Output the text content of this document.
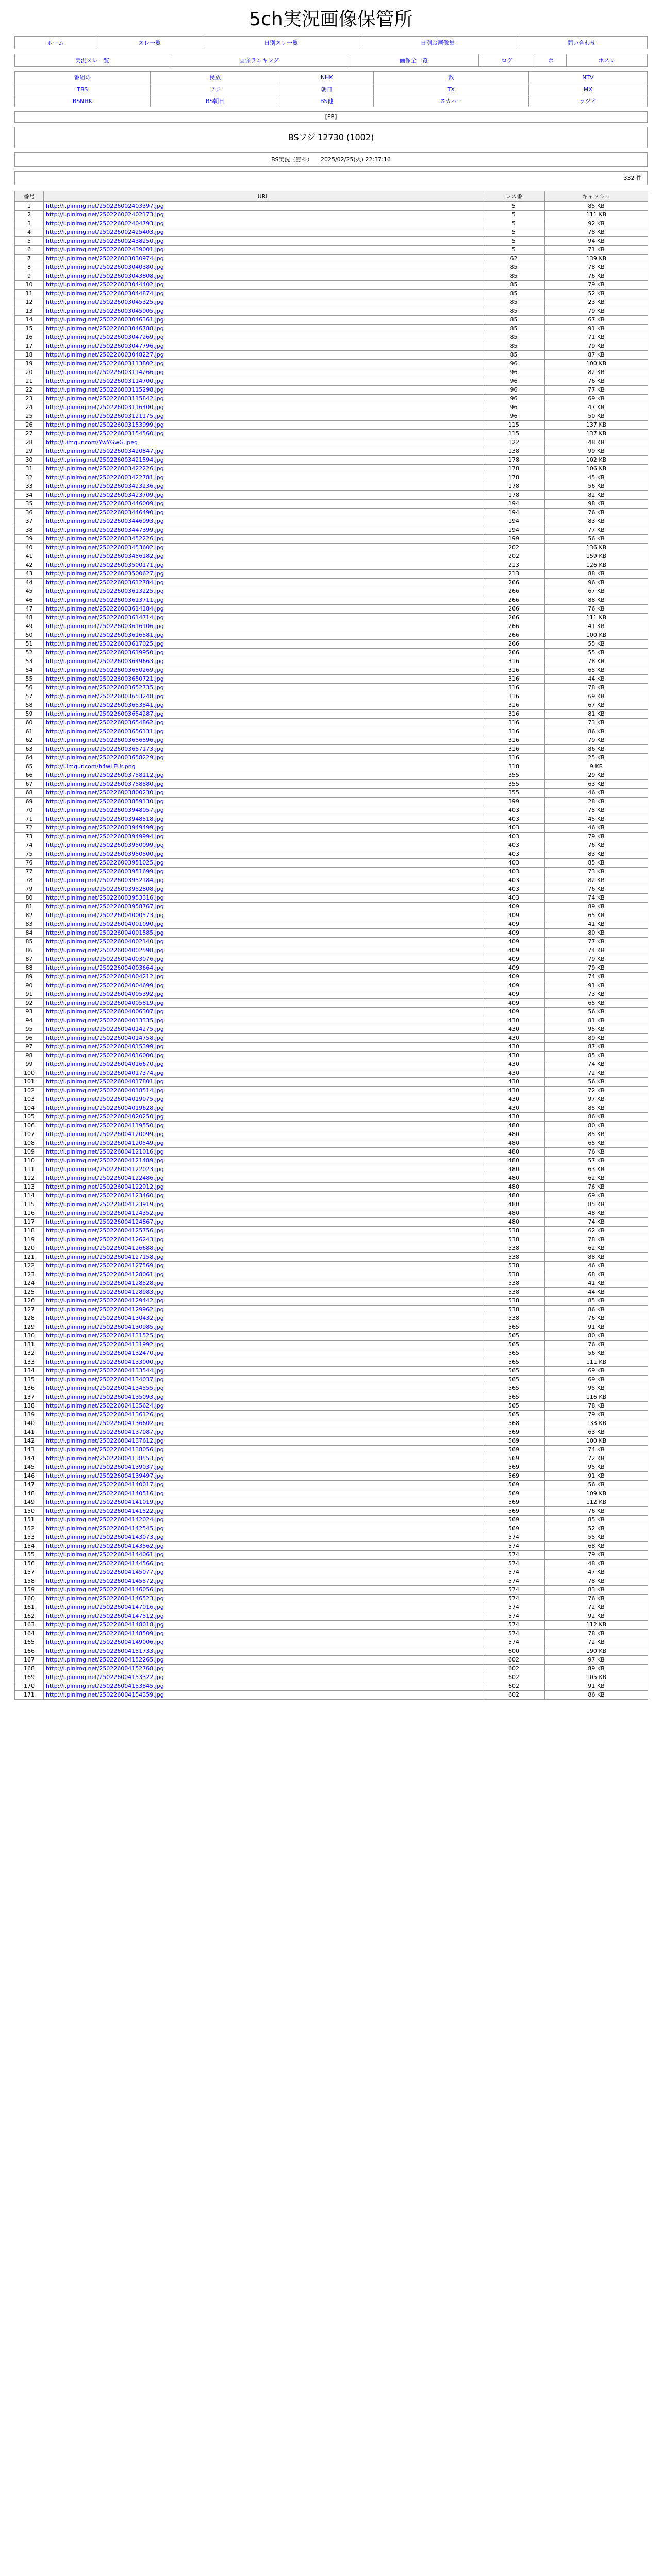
5ch実況画像保管所
ホーム	スレ一覧	日別スレ一覧	日別お画像集	問い合わせ
実況スレ一覧	画像ランキング	画像全一覧	ログ	ホ	ホスレ
番組の	民放	NHK	教	NTV
TBS	フジ	朝日	TX	MX
BSNHK	BS朝日	BS他	スカパー	ラジオ
[PR]
BSフジ 12730 (1002)
BS実況（無料） 2025/02/25(火) 22:37:16
332 件
番号	URL	レス番	キャッシュ
1	http://i.pinimg.net/250226002403397.jpg	5	85 KB
2	http://i.pinimg.net/250226002402173.jpg	5	111 KB
3	http://i.pinimg.net/250226002404793.jpg	5	92 KB
4	http://i.pinimg.net/250226002425403.jpg	5	78 KB
5	http://i.pinimg.net/250226002438250.jpg	5	94 KB
6	http://i.pinimg.net/250226002439001.jpg	5	71 KB
7	http://i.pinimg.net/250226003030974.jpg	62	139 KB
8	http://i.pinimg.net/250226003040380.jpg	85	78 KB
9	http://i.pinimg.net/250226003043808.jpg	85	76 KB
10	http://i.pinimg.net/250226003044402.jpg	85	79 KB
11	http://i.pinimg.net/250226003044874.jpg	85	52 KB
12	http://i.pinimg.net/250226003045325.jpg	85	23 KB
13	http://i.pinimg.net/250226003045905.jpg	85	79 KB
14	http://i.pinimg.net/250226003046361.jpg	85	67 KB
15	http://i.pinimg.net/250226003046788.jpg	85	91 KB
16	http://i.pinimg.net/250226003047269.jpg	85	71 KB
17	http://i.pinimg.net/250226003047796.jpg	85	79 KB
18	http://i.pinimg.net/250226003048227.jpg	85	87 KB
19	http://i.pinimg.net/250226003113802.jpg	96	100 KB
20	http://i.pinimg.net/250226003114266.jpg	96	82 KB
21	http://i.pinimg.net/250226003114700.jpg	96	76 KB
22	http://i.pinimg.net/250226003115298.jpg	96	77 KB
23	http://i.pinimg.net/250226003115842.jpg	96	69 KB
24	http://i.pinimg.net/250226003116400.jpg	96	47 KB
25	http://i.pinimg.net/250226003121175.jpg	96	50 KB
26	http://i.pinimg.net/250226003153999.jpg	115	137 KB
27	http://i.pinimg.net/250226003154560.jpg	115	137 KB
28	http://i.imgur.com/YwYGwG.jpeg	122	48 KB
29	http://i.pinimg.net/250226003420847.jpg	138	99 KB
30	http://i.pinimg.net/250226003421594.jpg	178	102 KB
31	http://i.pinimg.net/250226003422226.jpg	178	106 KB
32	http://i.pinimg.net/250226003422781.jpg	178	45 KB
33	http://i.pinimg.net/250226003423236.jpg	178	56 KB
34	http://i.pinimg.net/250226003423709.jpg	178	82 KB
35	http://i.pinimg.net/250226003446009.jpg	194	98 KB
36	http://i.pinimg.net/250226003446490.jpg	194	76 KB
37	http://i.pinimg.net/250226003446993.jpg	194	83 KB
38	http://i.pinimg.net/250226003447399.jpg	194	77 KB
39	http://i.pinimg.net/250226003452226.jpg	199	56 KB
40	http://i.pinimg.net/250226003453602.jpg	202	136 KB
41	http://i.pinimg.net/250226003456182.jpg	202	159 KB
42	http://i.pinimg.net/250226003500171.jpg	213	126 KB
43	http://i.pinimg.net/250226003500627.jpg	213	88 KB
44	http://i.pinimg.net/250226003612784.jpg	266	96 KB
45	http://i.pinimg.net/250226003613225.jpg	266	67 KB
46	http://i.pinimg.net/250226003613711.jpg	266	88 KB
47	http://i.pinimg.net/250226003614184.jpg	266	76 KB
48	http://i.pinimg.net/250226003614714.jpg	266	111 KB
49	http://i.pinimg.net/250226003616106.jpg	266	41 KB
50	http://i.pinimg.net/250226003616581.jpg	266	100 KB
51	http://i.pinimg.net/250226003617025.jpg	266	55 KB
52	http://i.pinimg.net/250226003619950.jpg	266	55 KB
53	http://i.pinimg.net/250226003649663.jpg	316	78 KB
54	http://i.pinimg.net/250226003650269.jpg	316	65 KB
55	http://i.pinimg.net/250226003650721.jpg	316	44 KB
56	http://i.pinimg.net/250226003652735.jpg	316	78 KB
57	http://i.pinimg.net/250226003653248.jpg	316	69 KB
58	http://i.pinimg.net/250226003653841.jpg	316	67 KB
59	http://i.pinimg.net/250226003654287.jpg	316	81 KB
60	http://i.pinimg.net/250226003654862.jpg	316	73 KB
61	http://i.pinimg.net/250226003656131.jpg	316	86 KB
62	http://i.pinimg.net/250226003656596.jpg	316	79 KB
63	http://i.pinimg.net/250226003657173.jpg	316	86 KB
64	http://i.pinimg.net/250226003658229.jpg	316	25 KB
65	http://i.imgur.com/h4wLFUr.png	318	9 KB
66	http://i.pinimg.net/250226003758112.jpg	355	29 KB
67	http://i.pinimg.net/250226003758580.jpg	355	63 KB
68	http://i.pinimg.net/250226003800230.jpg	355	46 KB
69	http://i.pinimg.net/250226003859130.jpg	399	28 KB
70	http://i.pinimg.net/250226003948057.jpg	403	75 KB
71	http://i.pinimg.net/250226003948518.jpg	403	45 KB
72	http://i.pinimg.net/250226003949499.jpg	403	46 KB
73	http://i.pinimg.net/250226003949994.jpg	403	79 KB
74	http://i.pinimg.net/250226003950099.jpg	403	76 KB
75	http://i.pinimg.net/250226003950500.jpg	403	83 KB
76	http://i.pinimg.net/250226003951025.jpg	403	85 KB
77	http://i.pinimg.net/250226003951699.jpg	403	73 KB
78	http://i.pinimg.net/250226003952184.jpg	403	82 KB
79	http://i.pinimg.net/250226003952808.jpg	403	76 KB
80	http://i.pinimg.net/250226003953316.jpg	403	74 KB
81	http://i.pinimg.net/250226003958767.jpg	409	89 KB
82	http://i.pinimg.net/250226004000573.jpg	409	65 KB
83	http://i.pinimg.net/250226004001090.jpg	409	41 KB
84	http://i.pinimg.net/250226004001585.jpg	409	80 KB
85	http://i.pinimg.net/250226004002140.jpg	409	77 KB
86	http://i.pinimg.net/250226004002598.jpg	409	74 KB
87	http://i.pinimg.net/250226004003076.jpg	409	79 KB
88	http://i.pinimg.net/250226004003664.jpg	409	79 KB
89	http://i.pinimg.net/250226004004212.jpg	409	74 KB
90	http://i.pinimg.net/250226004004699.jpg	409	91 KB
91	http://i.pinimg.net/250226004005392.jpg	409	73 KB
92	http://i.pinimg.net/250226004005819.jpg	409	65 KB
93	http://i.pinimg.net/250226004006307.jpg	409	56 KB
94	http://i.pinimg.net/250226004013335.jpg	430	81 KB
95	http://i.pinimg.net/250226004014275.jpg	430	95 KB
96	http://i.pinimg.net/250226004014758.jpg	430	89 KB
97	http://i.pinimg.net/250226004015399.jpg	430	87 KB
98	http://i.pinimg.net/250226004016000.jpg	430	85 KB
99	http://i.pinimg.net/250226004016670.jpg	430	74 KB
100	http://i.pinimg.net/250226004017374.jpg	430	72 KB
101	http://i.pinimg.net/250226004017801.jpg	430	56 KB
102	http://i.pinimg.net/250226004018514.jpg	430	72 KB
103	http://i.pinimg.net/250226004019075.jpg	430	97 KB
104	http://i.pinimg.net/250226004019628.jpg	430	85 KB
105	http://i.pinimg.net/250226004020250.jpg	430	86 KB
106	http://i.pinimg.net/250226004119550.jpg	480	80 KB
107	http://i.pinimg.net/250226004120099.jpg	480	85 KB
108	http://i.pinimg.net/250226004120549.jpg	480	65 KB
109	http://i.pinimg.net/250226004121016.jpg	480	76 KB
110	http://i.pinimg.net/250226004121489.jpg	480	57 KB
111	http://i.pinimg.net/250226004122023.jpg	480	63 KB
112	http://i.pinimg.net/250226004122486.jpg	480	62 KB
113	http://i.pinimg.net/250226004122912.jpg	480	76 KB
114	http://i.pinimg.net/250226004123460.jpg	480	69 KB
115	http://i.pinimg.net/250226004123919.jpg	480	85 KB
116	http://i.pinimg.net/250226004124352.jpg	480	48 KB
117	http://i.pinimg.net/250226004124867.jpg	480	74 KB
118	http://i.pinimg.net/250226004125756.jpg	538	62 KB
119	http://i.pinimg.net/250226004126243.jpg	538	78 KB
120	http://i.pinimg.net/250226004126688.jpg	538	62 KB
121	http://i.pinimg.net/250226004127158.jpg	538	88 KB
122	http://i.pinimg.net/250226004127569.jpg	538	46 KB
123	http://i.pinimg.net/250226004128061.jpg	538	68 KB
124	http://i.pinimg.net/250226004128528.jpg	538	41 KB
125	http://i.pinimg.net/250226004128983.jpg	538	44 KB
126	http://i.pinimg.net/250226004129442.jpg	538	85 KB
127	http://i.pinimg.net/250226004129962.jpg	538	86 KB
128	http://i.pinimg.net/250226004130432.jpg	538	76 KB
129	http://i.pinimg.net/250226004130985.jpg	565	91 KB
130	http://i.pinimg.net/250226004131525.jpg	565	80 KB
131	http://i.pinimg.net/250226004131992.jpg	565	76 KB
132	http://i.pinimg.net/250226004132470.jpg	565	56 KB
133	http://i.pinimg.net/250226004133000.jpg	565	111 KB
134	http://i.pinimg.net/250226004133544.jpg	565	69 KB
135	http://i.pinimg.net/250226004134037.jpg	565	69 KB
136	http://i.pinimg.net/250226004134555.jpg	565	95 KB
137	http://i.pinimg.net/250226004135093.jpg	565	116 KB
138	http://i.pinimg.net/250226004135624.jpg	565	78 KB
139	http://i.pinimg.net/250226004136126.jpg	565	79 KB
140	http://i.pinimg.net/250226004136602.jpg	568	133 KB
141	http://i.pinimg.net/250226004137087.jpg	569	63 KB
142	http://i.pinimg.net/250226004137612.jpg	569	100 KB
143	http://i.pinimg.net/250226004138056.jpg	569	74 KB
144	http://i.pinimg.net/250226004138553.jpg	569	72 KB
145	http://i.pinimg.net/250226004139037.jpg	569	95 KB
146	http://i.pinimg.net/250226004139497.jpg	569	91 KB
147	http://i.pinimg.net/250226004140017.jpg	569	56 KB
148	http://i.pinimg.net/250226004140516.jpg	569	109 KB
149	http://i.pinimg.net/250226004141019.jpg	569	112 KB
150	http://i.pinimg.net/250226004141522.jpg	569	76 KB
151	http://i.pinimg.net/250226004142024.jpg	569	85 KB
152	http://i.pinimg.net/250226004142545.jpg	569	52 KB
153	http://i.pinimg.net/250226004143073.jpg	574	55 KB
154	http://i.pinimg.net/250226004143562.jpg	574	68 KB
155	http://i.pinimg.net/250226004144061.jpg	574	79 KB
156	http://i.pinimg.net/250226004144566.jpg	574	48 KB
157	http://i.pinimg.net/250226004145077.jpg	574	47 KB
158	http://i.pinimg.net/250226004145572.jpg	574	78 KB
159	http://i.pinimg.net/250226004146056.jpg	574	83 KB
160	http://i.pinimg.net/250226004146523.jpg	574	76 KB
161	http://i.pinimg.net/250226004147016.jpg	574	72 KB
162	http://i.pinimg.net/250226004147512.jpg	574	92 KB
163	http://i.pinimg.net/250226004148018.jpg	574	112 KB
164	http://i.pinimg.net/250226004148509.jpg	574	78 KB
165	http://i.pinimg.net/250226004149006.jpg	574	72 KB
166	http://i.pinimg.net/250226004151733.jpg	600	190 KB
167	http://i.pinimg.net/250226004152265.jpg	602	97 KB
168	http://i.pinimg.net/250226004152768.jpg	602	89 KB
169	http://i.pinimg.net/250226004153322.jpg	602	105 KB
170	http://i.pinimg.net/250226004153845.jpg	602	91 KB
171	http://i.pinimg.net/250226004154359.jpg	602	86 KB
